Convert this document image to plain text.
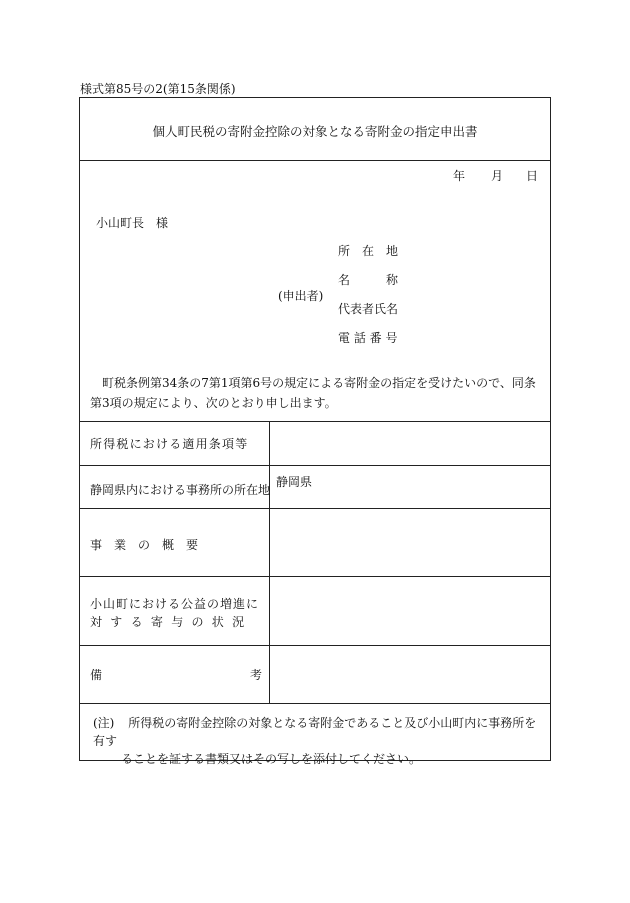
様式第85号の2(第15条関係)
個人町民税の寄附金控除の対象となる寄附金の指定申出書
年 月 日
小山町長　様
(申出者)
所　在　地
名	称
代表者氏名
電 話 番 号
町税条例第34条の7第1項第6号の規定による寄附金の指定を受けたいので、同条第3項の規定により、次のとおり申し出ます。
所得税における適用条項等
静岡県内における事務所の所在地
静岡県
事　業　の　概　要
小山町における公益の増進に
対する寄与の状況
備	考
(注) 所得税の寄附金控除の対象となる寄附金であること及び小山町内に事務所を有す
ることを証する書類又はその写しを添付してください。
